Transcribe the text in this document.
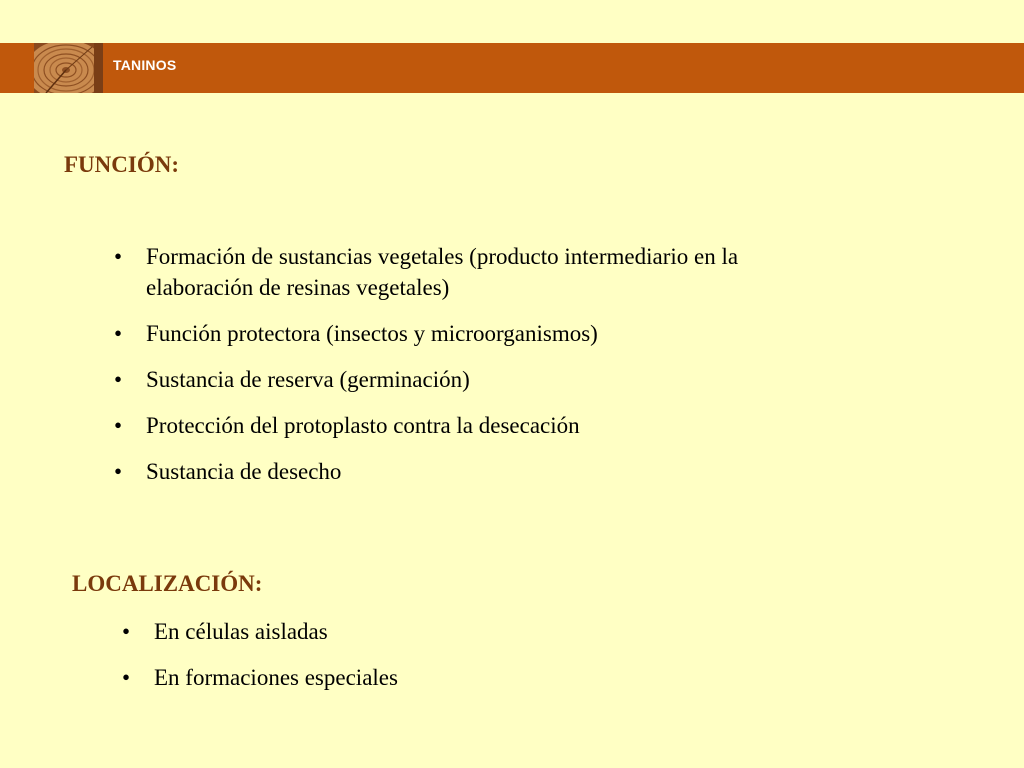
TANINOS
FUNCIÓN:
•	Formación de sustancias vegetales (producto intermediario en la elaboración de resinas vegetales)
•	Función protectora (insectos y microorganismos)
•	Sustancia de reserva (germinación)
•	Protección del protoplasto contra la desecación
•	Sustancia de desecho
LOCALIZACIÓN:
•	En células aisladas
•	En formaciones especiales
